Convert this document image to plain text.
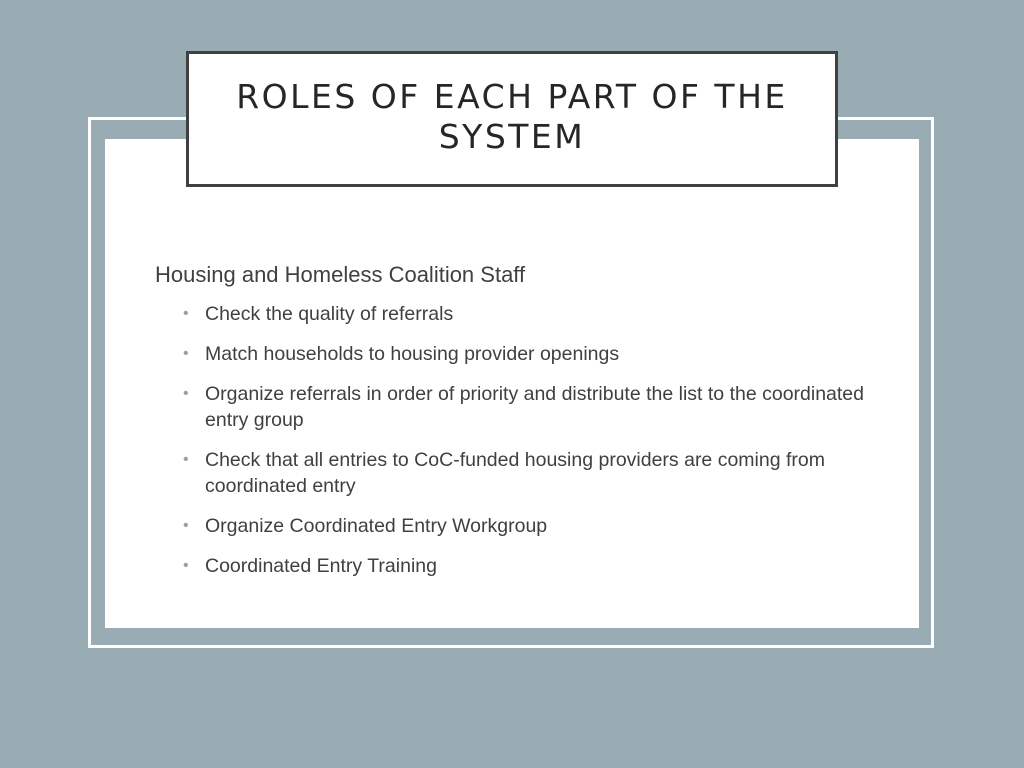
ROLES OF EACH PART OF THE SYSTEM
Housing and Homeless Coalition Staff
• Check the quality of referrals
• Match households to housing provider openings
• Organize referrals in order of priority and distribute the list to the coordinated entry group
• Check that all entries to CoC-funded housing providers are coming from coordinated entry
• Organize Coordinated Entry Workgroup
• Coordinated Entry Training
